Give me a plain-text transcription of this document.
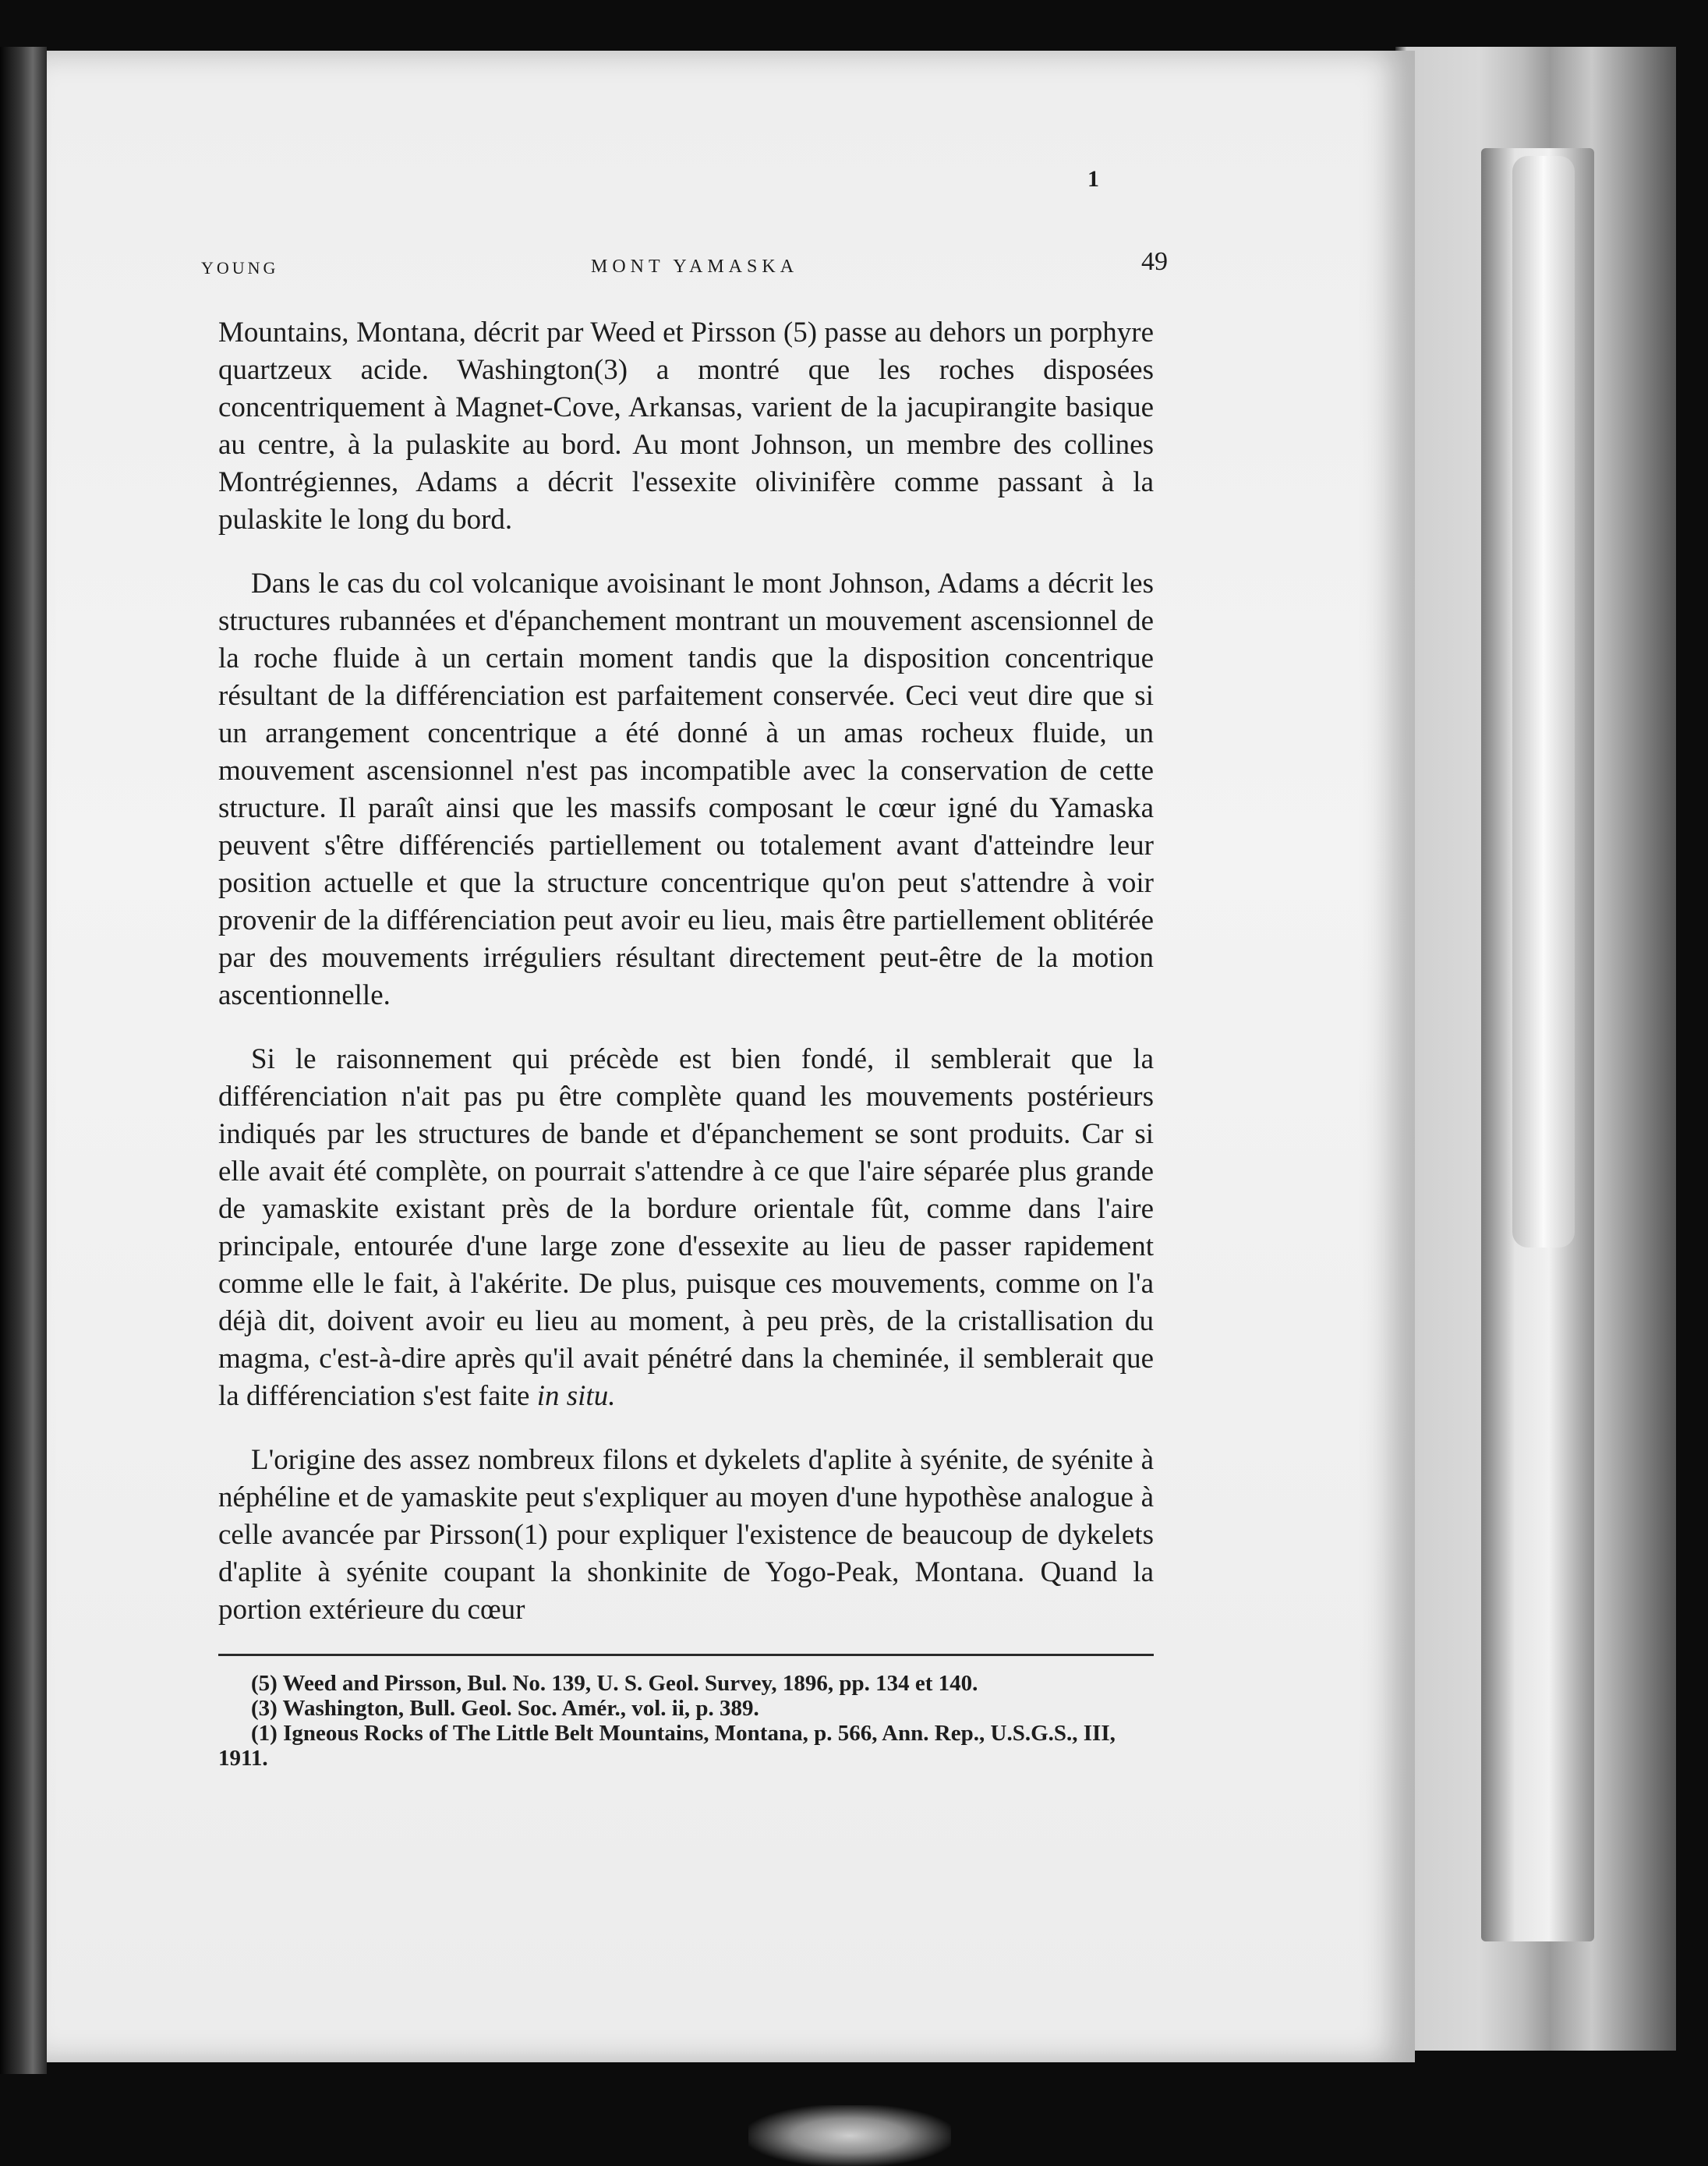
1
YOUNG	MONT YAMASKA	49

Mountains, Montana, décrit par Weed et Pirsson (5) passe au dehors un porphyre quartzeux acide. Washington(3) a montré que les roches disposées concentriquement à Magnet-Cove, Arkansas, varient de la jacupirangite basique au centre, à la pulaskite au bord. Au mont Johnson, un membre des collines Montrégiennes, Adams a décrit l'essexite olivinifère comme passant à la pulaskite le long du bord.

Dans le cas du col volcanique avoisinant le mont Johnson, Adams a décrit les structures rubannées et d'épanchement montrant un mouvement ascensionnel de la roche fluide à un certain moment tandis que la disposition concentrique résultant de la différenciation est parfaitement conservée. Ceci veut dire que si un arrangement concentrique a été donné à un amas rocheux fluide, un mouvement ascensionnel n'est pas incompatible avec la conservation de cette structure. Il paraît ainsi que les massifs composant le cœur igné du Yamaska peuvent s'être différenciés partiellement ou totalement avant d'atteindre leur position actuelle et que la structure concentrique qu'on peut s'attendre à voir provenir de la différenciation peut avoir eu lieu, mais être partiellement oblitérée par des mouvements irréguliers résultant directement peut-être de la motion ascentionnelle.

Si le raisonnement qui précède est bien fondé, il semblerait que la différenciation n'ait pas pu être complète quand les mouvements postérieurs indiqués par les structures de bande et d'épanchement se sont produits. Car si elle avait été complète, on pourrait s'attendre à ce que l'aire séparée plus grande de yamaskite existant près de la bordure orientale fût, comme dans l'aire principale, entourée d'une large zone d'essexite au lieu de passer rapidement comme elle le fait, à l'akérite. De plus, puisque ces mouvements, comme on l'a déjà dit, doivent avoir eu lieu au moment, à peu près, de la cristallisation du magma, c'est-à-dire après qu'il avait pénétré dans la cheminée, il semblerait que la différenciation s'est faite in situ.

L'origine des assez nombreux filons et dykelets d'aplite à syénite, de syénite à néphéline et de yamaskite peut s'expliquer au moyen d'une hypothèse analogue à celle avancée par Pirsson(1) pour expliquer l'existence de beaucoup de dykelets d'aplite à syénite coupant la shonkinite de Yogo-Peak, Montana. Quand la portion extérieure du cœur

(5) Weed and Pirsson, Bul. No. 139, U. S. Geol. Survey, 1896, pp. 134 et 140.

(3) Washington, Bull. Geol. Soc. Amér., vol. ii, p. 389.

(1) Igneous Rocks of The Little Belt Mountains, Montana, p. 566, Ann. Rep., U.S.G.S., III, 1911.
